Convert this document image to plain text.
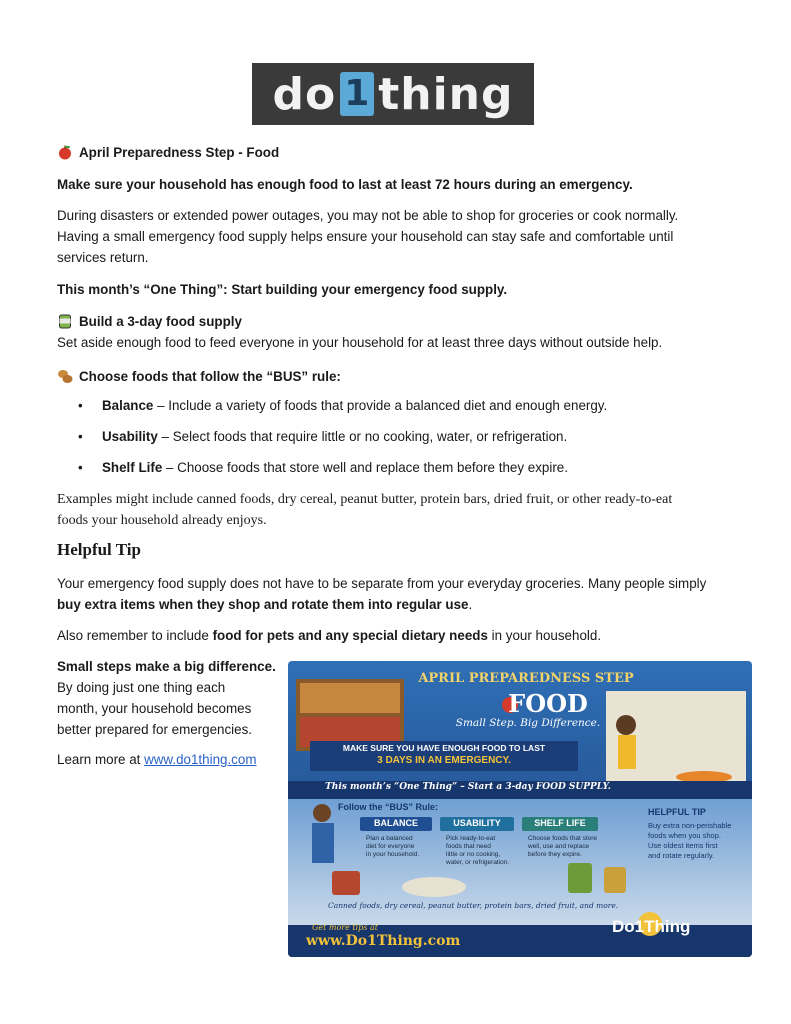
do 1 thing
April Preparedness Step - Food
Make sure your household has enough food to last at least 72 hours during an emergency.
During disasters or extended power outages, you may not be able to shop for groceries or cook normally.
Having a small emergency food supply helps ensure your household can stay safe and comfortable until
services return.
This month’s “One Thing”: Start building your emergency food supply.
Build a 3-day food supply
Set aside enough food to feed everyone in your household for at least three days without outside help.
Choose foods that follow the “BUS” rule:
• Balance – Include a variety of foods that provide a balanced diet and enough energy.
• Usability – Select foods that require little or no cooking, water, or refrigeration.
• Shelf Life – Choose foods that store well and replace them before they expire.
Examples might include canned foods, dry cereal, peanut butter, protein bars, dried fruit, or other ready-to-eat
foods your household already enjoys.
Helpful Tip
Your emergency food supply does not have to be separate from your everyday groceries. Many people simply
buy extra items when they shop and rotate them into regular use.
Also remember to include food for pets and any special dietary needs in your household.
Small steps make a big difference.
By doing just one thing each
month, your household becomes
better prepared for emergencies.
Learn more at www.do1thing.com
APRIL PREPAREDNESS STEP
FOOD
Small Step. Big Difference.
MAKE SURE YOU HAVE ENOUGH FOOD TO LAST
3 DAYS IN AN EMERGENCY.
This month’s “One Thing” – Start a 3-day FOOD SUPPLY.
Follow the “BUS” Rule:
BALANCE	USABILITY	SHELF LIFE
Plan a balanced
diet for everyone
in your household.
Pick ready-to-eat
foods that need
little or no cooking,
water, or refrigeration.
Choose foods that store
well, use and replace
before they expire.
HELPFUL TIP
Buy extra non-perishable
foods when you shop.
Use oldest items first
and rotate regularly.
Canned foods, dry cereal, peanut butter, protein bars, dried fruit, and more.
Get more tips at
www.Do1Thing.com
Do1Thing
